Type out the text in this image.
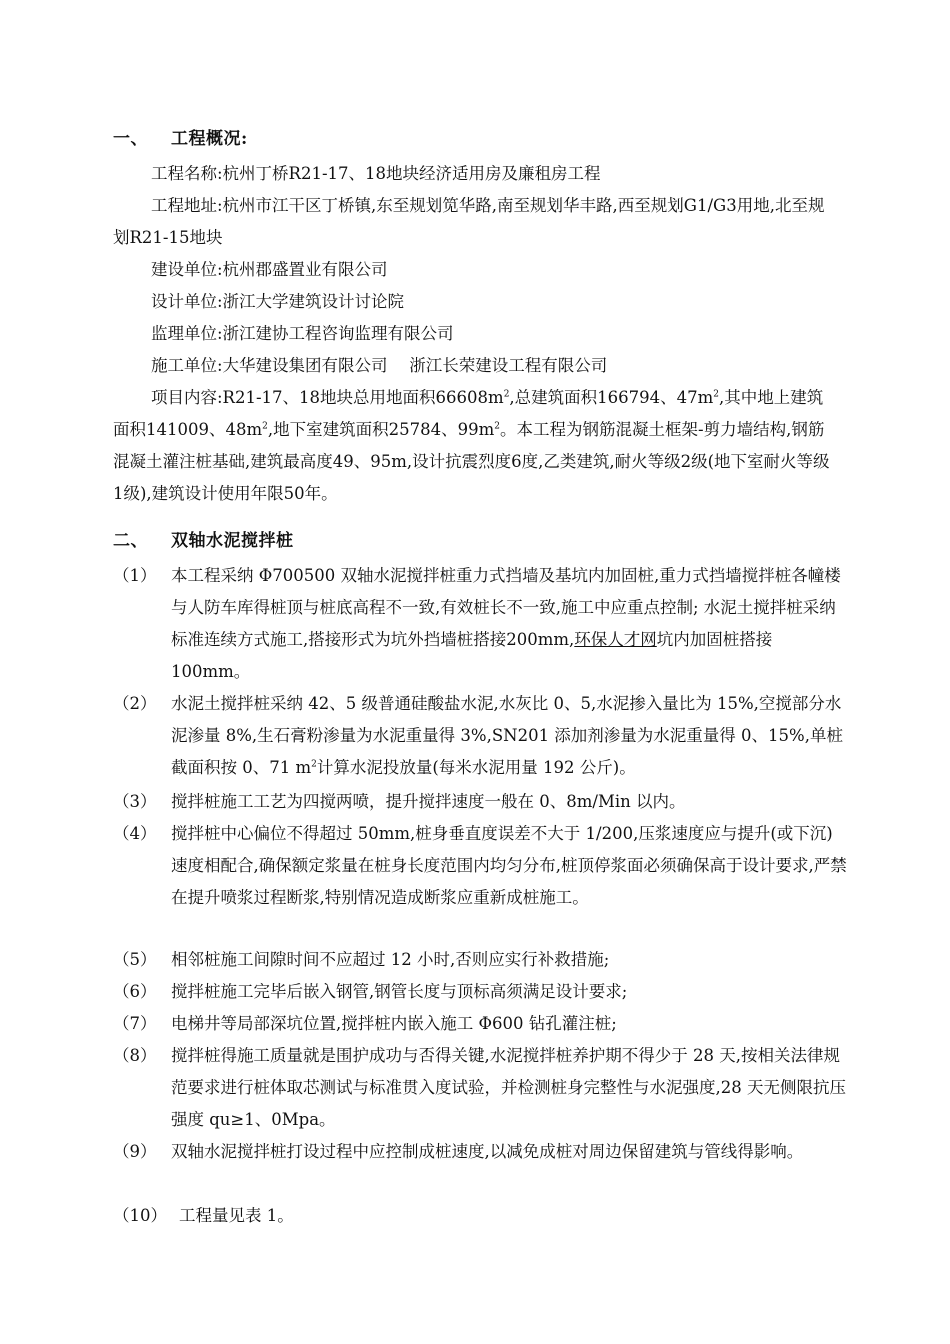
一、 工程概况:
工程名称:杭州丁桥R21-17、18地块经济适用房及廉租房工程
工程地址:杭州市江干区丁桥镇,东至规划笕华路,南至规划华丰路,西至规划G1/G3用地,北至规划R21-15地块
建设单位:杭州郡盛置业有限公司
设计单位:浙江大学建筑设计讨论院
监理单位:浙江建协工程咨询监理有限公司
施工单位:大华建设集团有限公司　 浙江长荣建设工程有限公司
项目内容:R21-17、18地块总用地面积$66608m^2$,总建筑面积166794、$47m^2$,其中地上建筑面积141009、$48m^2$,地下室建筑面积25784、$99m^2$。本工程为钢筋混凝土框架-剪力墙结构,钢筋混凝土灌注桩基础,建筑最高度49、95m,设计抗震烈度6度,乙类建筑,耐火等级2级(地下室耐火等级1级),建筑设计使用年限50年。
二、 双轴水泥搅拌桩
（1） 本工程采纳 Φ700500 双轴水泥搅拌桩重力式挡墙及基坑内加固桩,重力式挡墙搅拌桩各幢楼与人防车库得桩顶与桩底高程不一致,有效桩长不一致,施工中应重点控制; 水泥土搅拌桩采纳标准连续方式施工,搭接形式为坑外挡墙桩搭接200mm,环保人才网坑内加固桩搭接 100mm。
（2） 水泥土搅拌桩采纳 42、5 级普通硅酸盐水泥,水灰比 0、5,水泥掺入量比为 15%,空搅部分水泥渗量 8%,生石膏粉渗量为水泥重量得 3%,SN201 添加剂渗量为水泥重量得 0、15%,单桩截面积按 0、71 $m^2$计算水泥投放量(每米水泥用量 192 公斤)。
（3） 搅拌桩施工工艺为四搅两喷，提升搅拌速度一般在 0、8m/Min 以内。
（4） 搅拌桩中心偏位不得超过 50mm,桩身垂直度误差不大于 1/200,压浆速度应与提升(或下沉)速度相配合,确保额定浆量在桩身长度范围内均匀分布,桩顶停浆面必须确保高于设计要求,严禁在提升喷浆过程断浆,特别情况造成断浆应重新成桩施工。
（5） 相邻桩施工间隙时间不应超过 12 小时,否则应实行补救措施;
（6） 搅拌桩施工完毕后嵌入钢管,钢管长度与顶标高须满足设计要求;
（7） 电梯井等局部深坑位置,搅拌桩内嵌入施工 Φ600 钻孔灌注桩;
（8） 搅拌桩得施工质量就是围护成功与否得关键,水泥搅拌桩养护期不得少于 28 天,按相关法律规范要求进行桩体取芯测试与标准贯入度试验，并检测桩身完整性与水泥强度,28 天无侧限抗压强度 qu≥1、0Mpa。
（9） 双轴水泥搅拌桩打设过程中应控制成桩速度,以减免成桩对周边保留建筑与管线得影响。
（10） 工程量见表 1。
